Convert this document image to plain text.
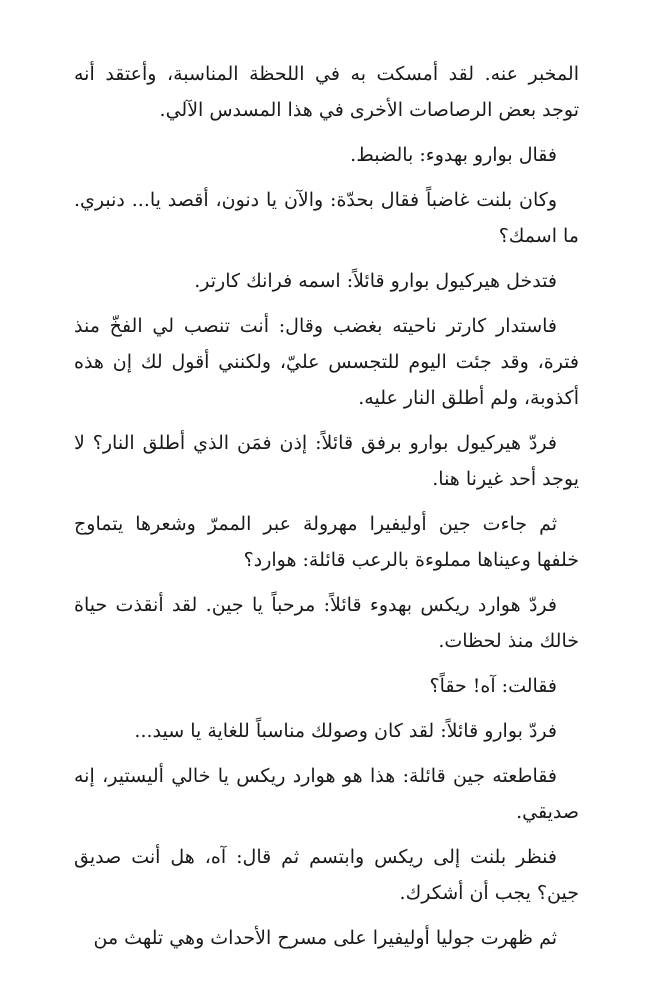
المخبر عنه. لقد أمسكت به في اللحظة المناسبة، وأعتقد أنه توجد بعض الرصاصات الأخرى في هذا المسدس الآلي.

فقال بوارو بهدوء: بالضبط.

وكان بلنت غاضباً فقال بحدّة: والآن يا دنون، أقصد يا... دنبري. ما اسمك؟

فتدخل هيركيول بوارو قائلاً: اسمه فرانك كارتر.

فاستدار كارتر ناحيته بغضب وقال: أنت تنصب لي الفخّ منذ فترة، وقد جئت اليوم للتجسس عليّ، ولكنني أقول لك إن هذه أكذوبة، ولم أطلق النار عليه.

فردّ هيركيول بوارو برفق قائلاً: إذن فمَن الذي أطلق النار؟ لا يوجد أحد غيرنا هنا.

ثم جاءت جين أوليفيرا مهرولة عبر الممرّ وشعرها يتماوج خلفها وعيناها مملوءة بالرعب قائلة: هوارد؟

فردّ هوارد ريكس بهدوء قائلاً: مرحباً يا جين. لقد أنقذت حياة خالك منذ لحظات.

فقالت: آه! حقاً؟

فردّ بوارو قائلاً: لقد كان وصولك مناسباً للغاية يا سيد...

فقاطعته جين قائلة: هذا هو هوارد ريكس يا خالي أليستير، إنه صديقي.

فنظر بلنت إلى ريكس وابتسم ثم قال: آه، هل أنت صديق جين؟ يجب أن أشكرك.

ثم ظهرت جوليا أوليفيرا على مسرح الأحداث وهي تلهث من
